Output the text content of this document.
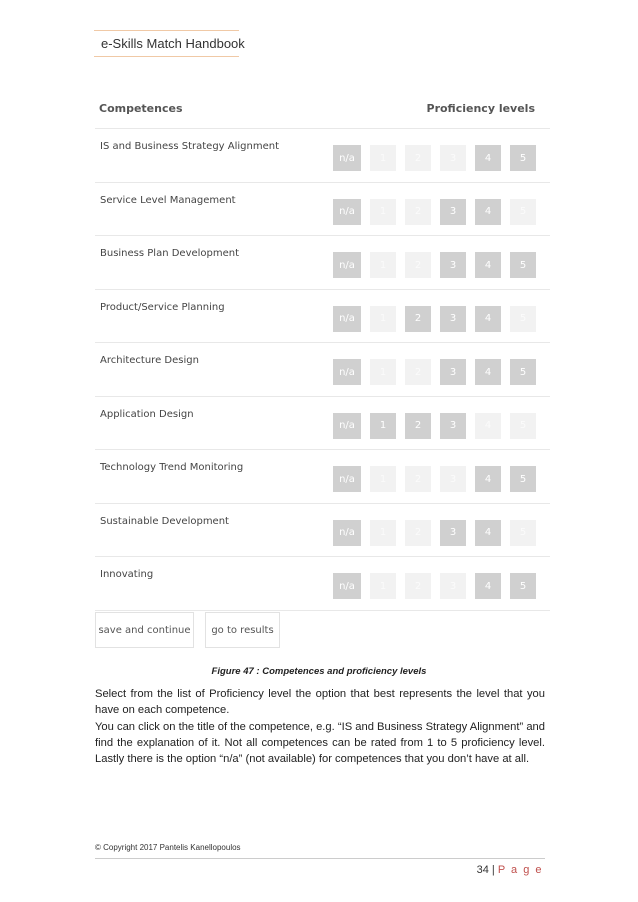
e-Skills Match Handbook
Competences	Proficiency levels
IS and Business Strategy Alignment
n/a	1	2	3	4	5
Service Level Management
n/a	1	2	3	4	5
Business Plan Development
n/a	1	2	3	4	5
Product/Service Planning
n/a	1	2	3	4	5
Architecture Design
n/a	1	2	3	4	5
Application Design
n/a	1	2	3	4	5
Technology Trend Monitoring
n/a	1	2	3	4	5
Sustainable Development
n/a	1	2	3	4	5
Innovating
n/a	1	2	3	4	5
save and continue	go to results
Figure 47 : Competences and proficiency levels
Select from the list of Proficiency level the option that best represents the level that you have on each competence.
You can click on the title of the competence, e.g. “IS and Business Strategy Alignment” and find the explanation of it. Not all competences can be rated from 1 to 5 proficiency level. Lastly there is the option “n/a” (not available) for competences that you don’t have at all.
© Copyright 2017 Pantelis Kanellopoulos
34 | P a g e
